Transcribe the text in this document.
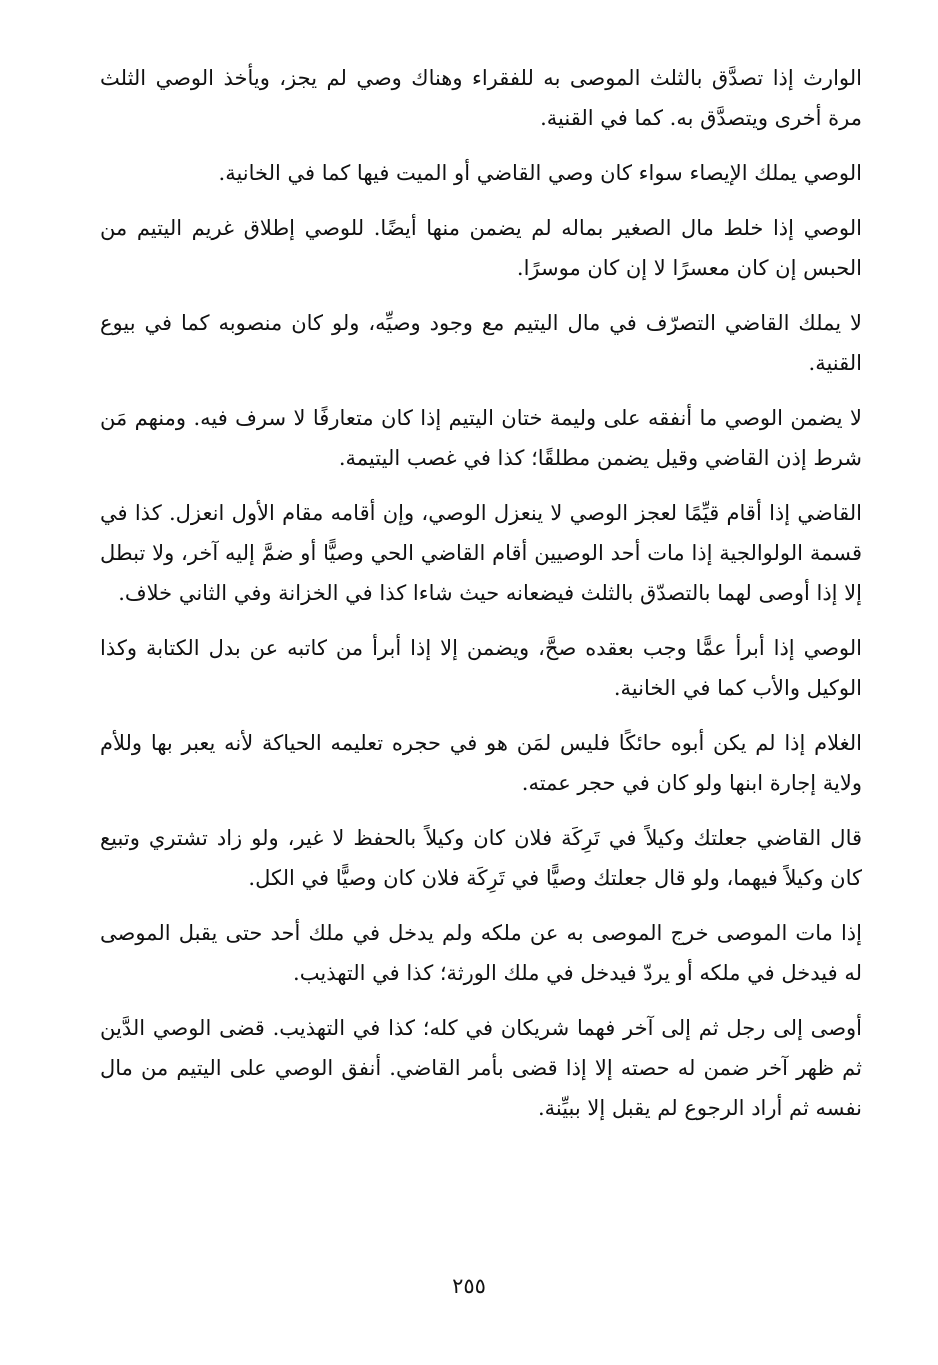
الوارث إذا تصدَّق بالثلث الموصى به للفقراء وهناك وصي لم يجز، ويأخذ الوصي الثلث مرة أخرى ويتصدَّق به. كما في القنية.

الوصي يملك الإيصاء سواء كان وصي القاضي أو الميت فيها كما في الخانية.

الوصي إذا خلط مال الصغير بماله لم يضمن منها أيضًا. للوصي إطلاق غريم اليتيم من الحبس إن كان معسرًا لا إن كان موسرًا.

لا يملك القاضي التصرّف في مال اليتيم مع وجود وصيِّه، ولو كان منصوبه كما في بيوع القنية.

لا يضمن الوصي ما أنفقه على وليمة ختان اليتيم إذا كان متعارفًا لا سرف فيه. ومنهم مَن شرط إذن القاضي وقيل يضمن مطلقًا؛ كذا في غصب اليتيمة.

القاضي إذا أقام قيِّمًا لعجز الوصي لا ينعزل الوصي، وإن أقامه مقام الأول انعزل. كذا في قسمة الولوالجية إذا مات أحد الوصيين أقام القاضي الحي وصيًّا أو ضمَّ إليه آخر، ولا تبطل إلا إذا أوصى لهما بالتصدّق بالثلث فيضعانه حيث شاءا كذا في الخزانة وفي الثاني خلاف.

الوصي إذا أبرأ عمًّا وجب بعقده صحَّ، ويضمن إلا إذا أبرأ من كاتبه عن بدل الكتابة وكذا الوكيل والأب كما في الخانية.

الغلام إذا لم يكن أبوه حائكًا فليس لمَن هو في حجره تعليمه الحياكة لأنه يعبر بها وللأم ولاية إجارة ابنها ولو كان في حجر عمته.

قال القاضي جعلتك وكيلاً في تَرِكَة فلان كان وكيلاً بالحفظ لا غير، ولو زاد تشتري وتبيع كان وكيلاً فيهما، ولو قال جعلتك وصيًّا في تَرِكَة فلان كان وصيًّا في الكل.

إذا مات الموصى خرج الموصى به عن ملكه ولم يدخل في ملك أحد حتى يقبل الموصى له فيدخل في ملكه أو يردّ فيدخل في ملك الورثة؛ كذا في التهذيب.

أوصى إلى رجل ثم إلى آخر فهما شريكان في كله؛ كذا في التهذيب. قضى الوصي الدَّين ثم ظهر آخر ضمن له حصته إلا إذا قضى بأمر القاضي. أنفق الوصي على اليتيم من مال نفسه ثم أراد الرجوع لم يقبل إلا ببيِّنة.

٢٥٥
